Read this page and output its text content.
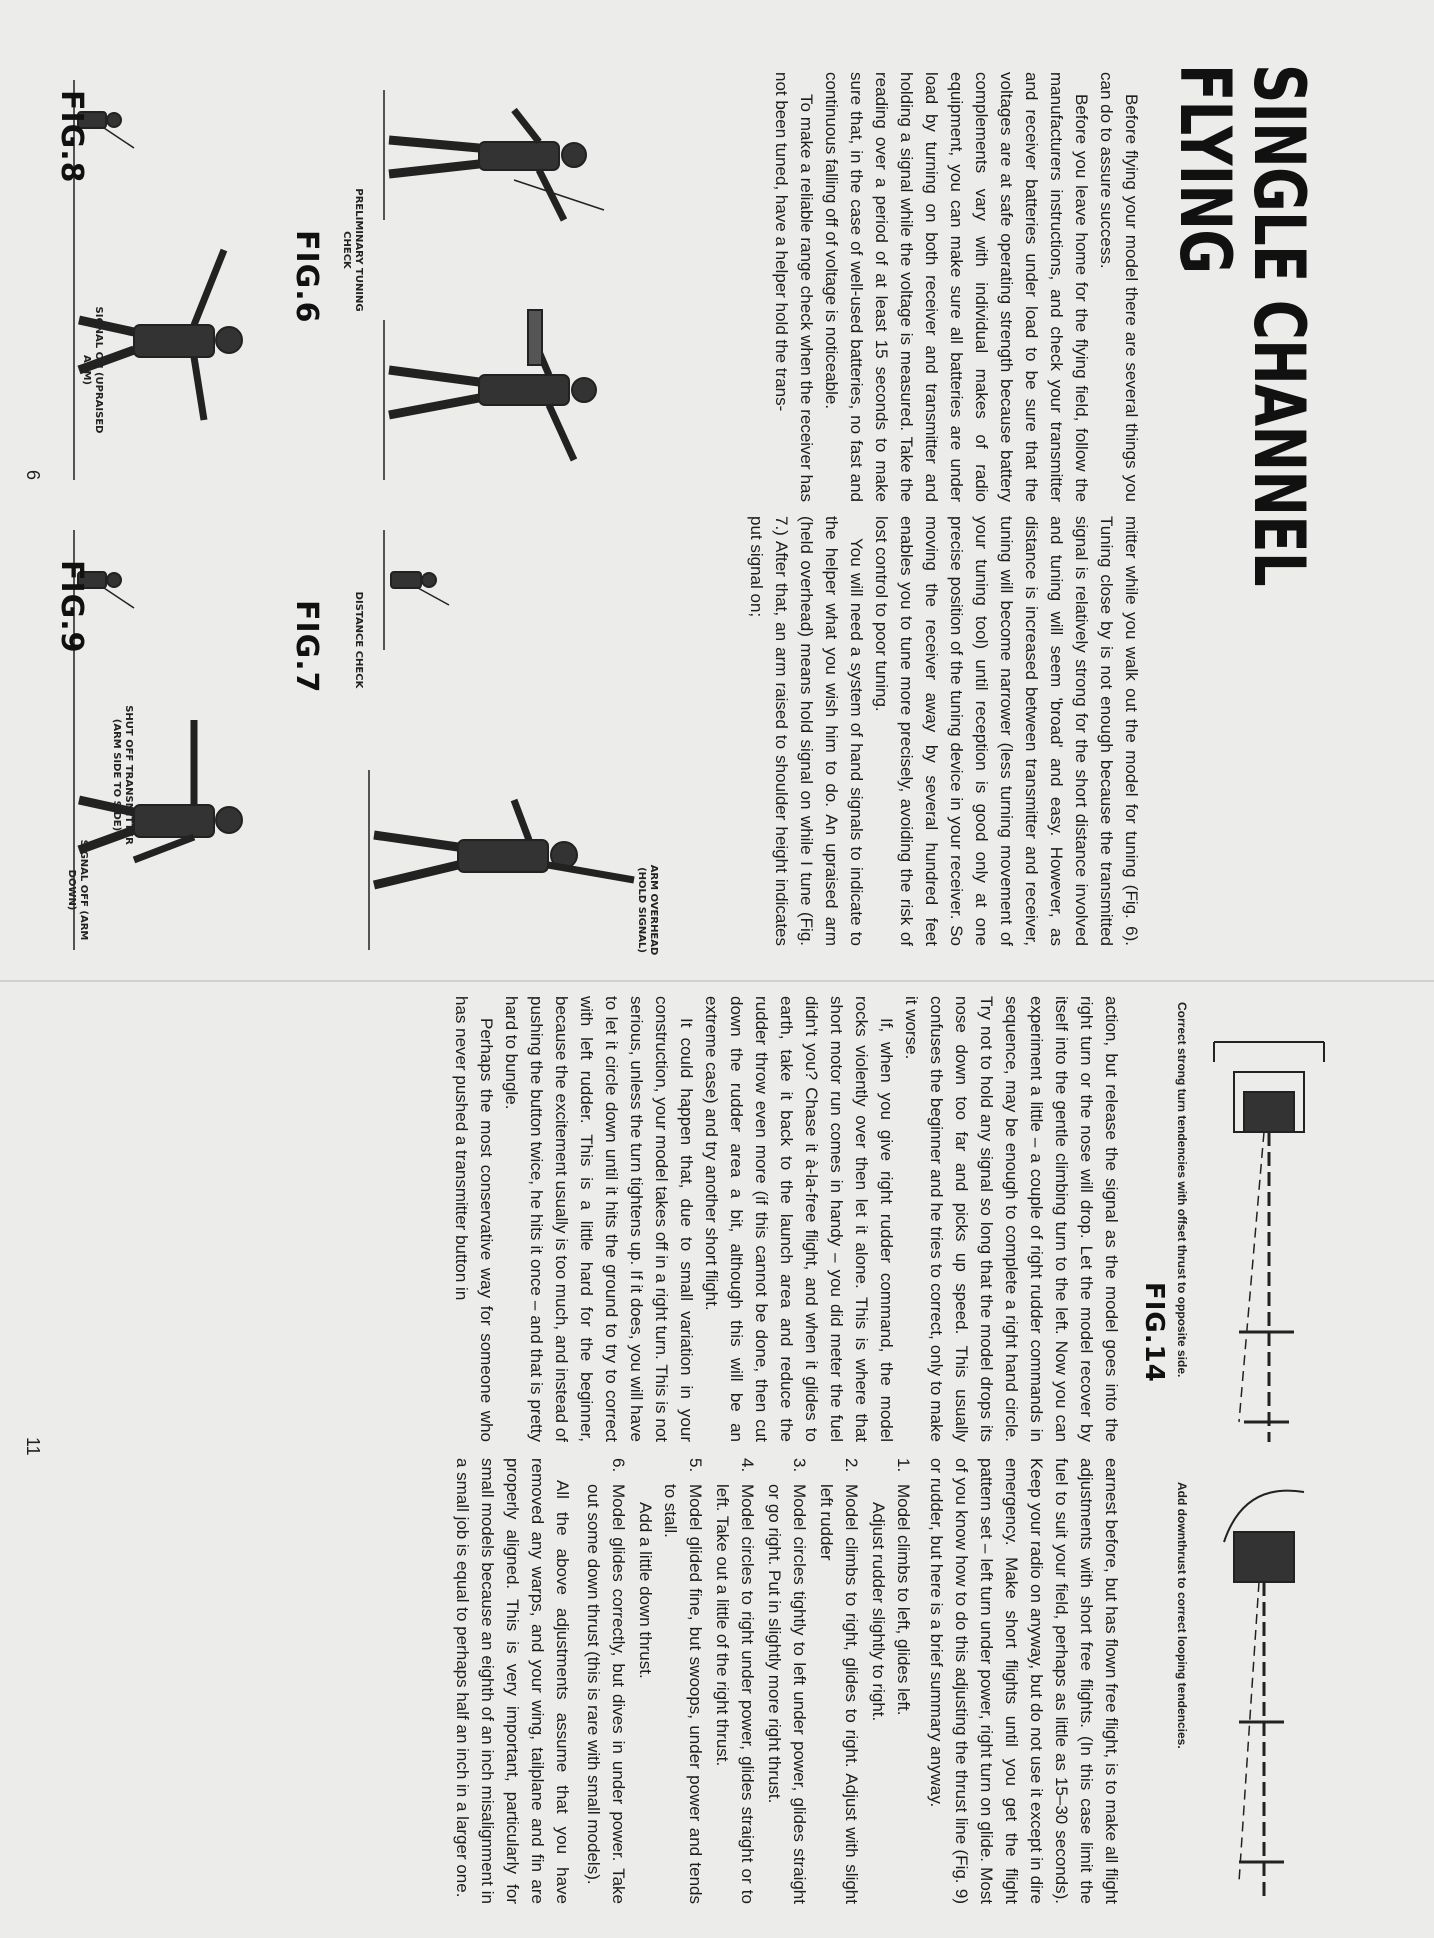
SINGLE CHANNEL
FLYING

Before flying your model there are several things you can do to assure success.

Before you leave home for the flying field, follow the manufacturers instructions, and check your transmitter and receiver batteries under load to be sure that the voltages are at safe operating strength because battery complements vary with individual makes of radio equipment, you can make sure all batteries are under load by turning on both receiver and transmitter and holding a signal while the voltage is measured. Take the reading over a period of at least 15 seconds to make sure that, in the case of well-used batteries, no fast and continuous falling off of voltage is noticeable.

To make a reliable range check when the receiver has not been tuned, have a helper hold the trans-

mitter while you walk out the model for tuning (Fig. 6). Tuning close by is not enough because the transmitted signal is relatively strong for the short distance involved and tuning will seem 'broad' and easy. However, as distance is increased between transmitter and receiver, tuning will become narrower (less turning movement of your tuning tool) until reception is good only at one precise position of the tuning device in your receiver. So moving the receiver away by several hundred feet enables you to tune more precisely, avoiding the risk of lost control to poor tuning.

You will need a system of hand signals to indicate to the helper what you wish him to do. An upraised arm (held overhead) means hold signal on while I tune (Fig. 7.) After that, an arm raised to shoulder height indicates put signal on;

PRELIMINARY TUNING CHECK
FIG.6
ARM OVERHEAD (HOLD SIGNAL)
DISTANCE CHECK
FIG.7
SIGNAL ON (UPRAISED ARM)
FIG.8
SHUT OFF TRANSMITTER (ARM SIDE TO SIDE)
SIGNAL OFF (ARM DOWN)
FIG.9
6
Correct strong turn tendencies with offset thrust to opposite side.
FIG.14
Add downthrust to correct looping tendencies.

action, but release the signal as the model goes into the right turn or the nose will drop. Let the model recover by itself into the gentle climbing turn to the left. Now you can experiment a little – a couple of right rudder commands in sequence, may be enough to complete a right hand circle. Try not to hold any signal so long that the model drops its nose down too far and picks up speed. This usually confuses the beginner and he tries to correct, only to make it worse.

If, when you give right rudder command, the model rocks violently over then let it alone. This is where that short motor run comes in handy – you did meter the fuel didn't you? Chase it à-la-free flight, and when it glides to earth, take it back to the launch area and reduce the rudder throw even more (if this cannot be done, then cut down the rudder area a bit, although this will be an extreme case) and try another short flight.

It could happen that, due to small variation in your construction, your model takes off in a right turn. This is not serious, unless the turn tightens up. If it does, you will have to let it circle down until it hits the ground to try to correct with left rudder. This is a little hard for the beginner, because the excitement usually is too much, and instead of pushing the button twice, he hits it once – and that is pretty hard to bungle.

Perhaps the most conservative way for someone who has never pushed a transmitter button in

earnest before, but has flown free flight, is to make all flight adjustments with short free flights. (In this case limit the fuel to suit your field, perhaps as little as 15–30 seconds). Keep your radio on anyway, but do not use it except in dire emergency. Make short flights until you get the flight pattern set – left turn under power, right turn on glide. Most of you know how to do this adjusting the thrust line (Fig. 9) or rudder, but here is a brief summary anyway.

1.
Model climbs to left, glides left.
Adjust rudder slightly to right.
2.
Model climbs to right, glides to right. Adjust with slight left rudder
3.
Model circles tightly to left under power, glides straight or go right. Put in slightly more right thrust.
4.
Model circles to right under power, glides straight or to left. Take out a little of the right thrust.
5.
Model glided fine, but swoops, under power and tends to stall.
Add a little down thrust.
6.
Model glides correctly, but dives in under power. Take out some down thrust (this is rare with small models).

All the above adjustments assume that you have removed any warps, and your wing, tailplane and fin are properly aligned. This is very important, particularly for small models because an eighth of an inch misalignment in a small job is equal to perhaps half an inch in a larger one.

11
